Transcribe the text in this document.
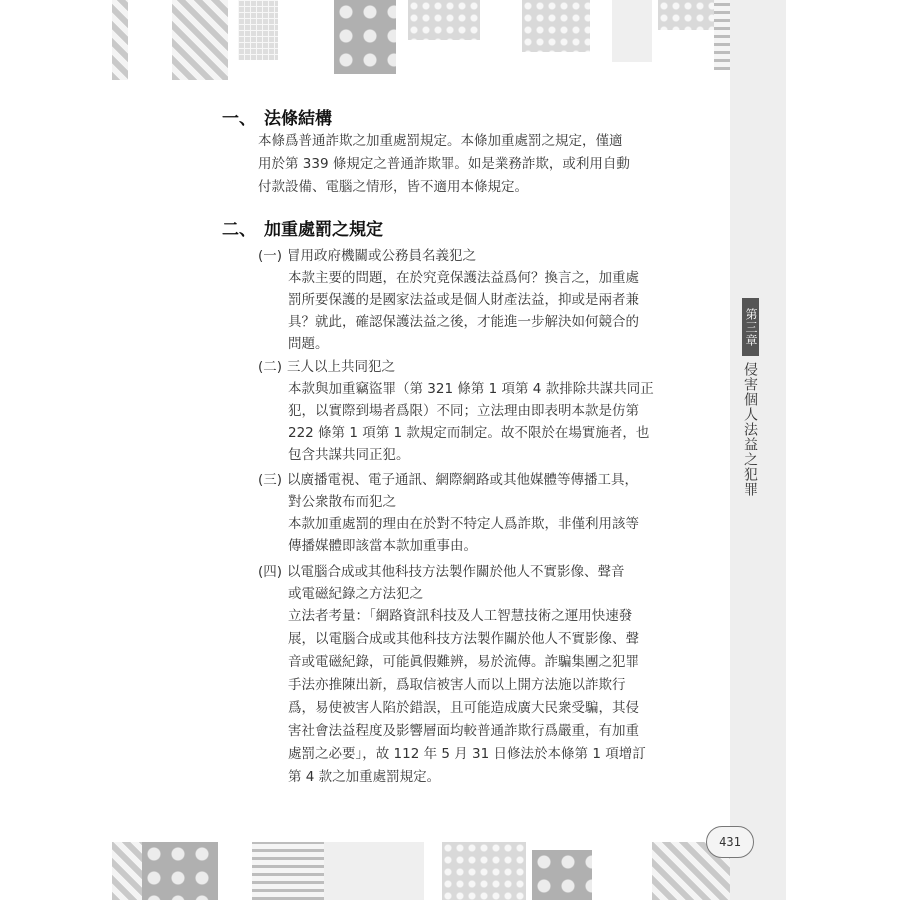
第三章
侵害個人法益之犯罪
431
一、 法條結構
本條爲普通詐欺之加重處罰規定。本條加重處罰之規定，僅適
用於第 339 條規定之普通詐欺罪。如是業務詐欺，或利用自動
付款設備、電腦之情形，皆不適用本條規定。
二、 加重處罰之規定
(一) 冒用政府機關或公務員名義犯之
本款主要的問題，在於究竟保護法益爲何？換言之，加重處
罰所要保護的是國家法益或是個人財產法益，抑或是兩者兼
具？就此，確認保護法益之後，才能進一步解決如何競合的
問題。
(二) 三人以上共同犯之
本款與加重竊盜罪（第 321 條第 1 項第 4 款排除共謀共同正
犯，以實際到場者爲限）不同；立法理由即表明本款是仿第
222 條第 1 項第 1 款規定而制定。故不限於在場實施者，也
包含共謀共同正犯。
(三) 以廣播電視、電子通訊、網際網路或其他媒體等傳播工具，
對公衆散布而犯之
本款加重處罰的理由在於對不特定人爲詐欺，非僅利用該等
傳播媒體即該當本款加重事由。
(四) 以電腦合成或其他科技方法製作關於他人不實影像、聲音
或電磁紀錄之方法犯之
立法者考量：「網路資訊科技及人工智慧技術之運用快速發
展，以電腦合成或其他科技方法製作關於他人不實影像、聲
音或電磁紀錄，可能眞假難辨，易於流傳。詐騙集團之犯罪
手法亦推陳出新，爲取信被害人而以上開方法施以詐欺行
爲，易使被害人陷於錯誤，且可能造成廣大民衆受騙，其侵
害社會法益程度及影響層面均較普通詐欺行爲嚴重，有加重
處罰之必要」，故 112 年 5 月 31 日修法於本條第 1 項增訂
第 4 款之加重處罰規定。
